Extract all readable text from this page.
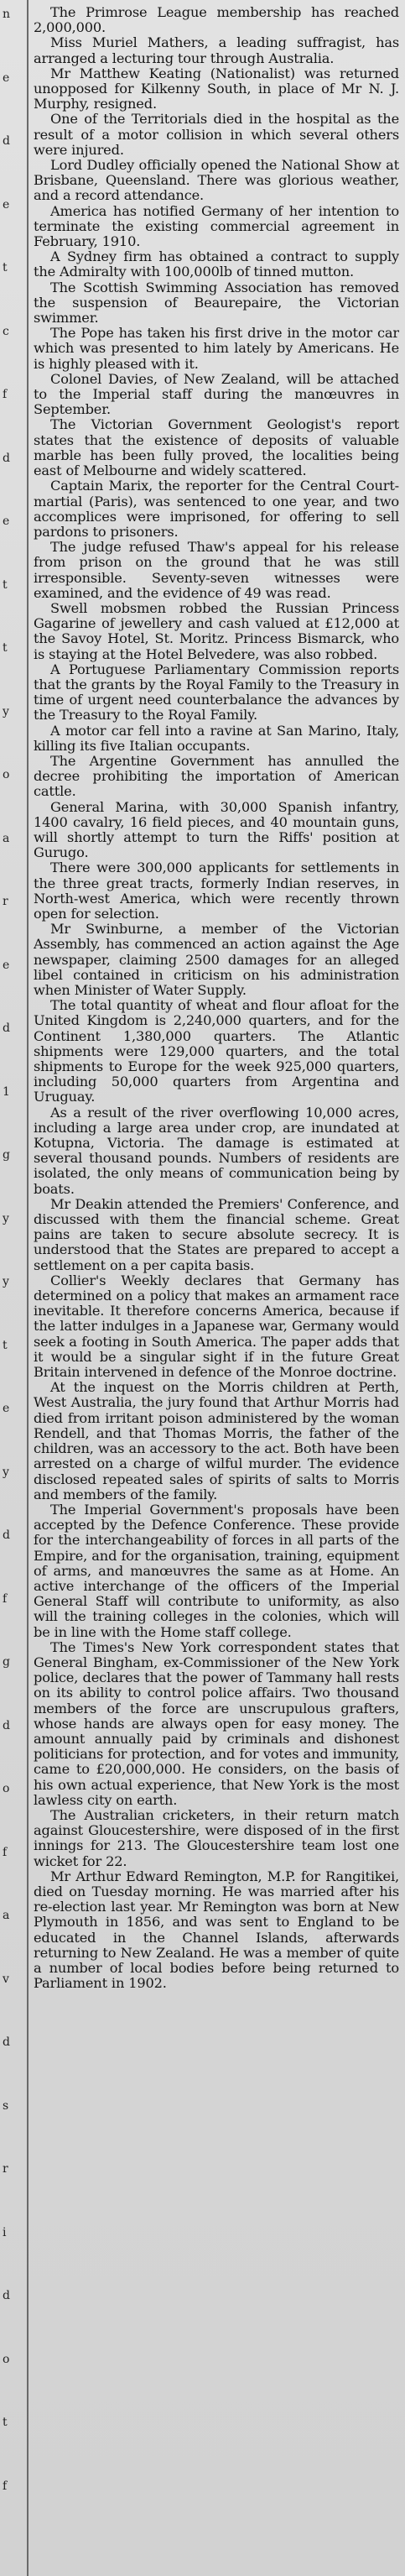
n
e
d
e
t
c
f
d
e
t
t
y
o
a
r
e
d
1
g
y
y
t
e
y
d
f
g
d
o
f
a
v
d
s
r
i
d
o
t
f

The Primrose League membership has reached 2,000,000.

Miss Muriel Mathers, a leading suffragist, has arranged a lecturing tour through Australia.

Mr Matthew Keating (Nationalist) was returned unopposed for Kilkenny South, in place of Mr N. J. Murphy, resigned.

One of the Territorials died in the hospital as the result of a motor collision in which several others were injured.

Lord Dudley officially opened the National Show at Brisbane, Queensland. There was glorious weather, and a record attendance.

America has notified Germany of her intention to terminate the existing commercial agreement in February, 1910.

A Sydney firm has obtained a contract to supply the Admiralty with 100,000lb of tinned mutton.

The Scottish Swimming Association has removed the suspension of Beaurepaire, the Victorian swimmer.

The Pope has taken his first drive in the motor car which was presented to him lately by Americans. He is highly pleased with it.

Colonel Davies, of New Zealand, will be attached to the Imperial staff during the manœuvres in September.

The Victorian Government Geologist's report states that the existence of deposits of valuable marble has been fully proved, the localities being east of Melbourne and widely scattered.

Captain Marix, the reporter for the Central Court-martial (Paris), was sentenced to one year, and two accomplices were imprisoned, for offering to sell pardons to prisoners.

The judge refused Thaw's appeal for his release from prison on the ground that he was still irresponsible. Seventy-seven witnesses were examined, and the evidence of 49 was read.

Swell mobsmen robbed the Russian Princess Gagarine of jewellery and cash valued at £12,000 at the Savoy Hotel, St. Moritz. Princess Bismarck, who is staying at the Hotel Belvedere, was also robbed.

A Portuguese Parliamentary Commission reports that the grants by the Royal Family to the Treasury in time of urgent need counterbalance the advances by the Treasury to the Royal Family.

A motor car fell into a ravine at San Marino, Italy, killing its five Italian occupants.

The Argentine Government has annulled the decree prohibiting the importation of American cattle.

General Marina, with 30,000 Spanish infantry, 1400 cavalry, 16 field pieces, and 40 mountain guns, will shortly attempt to turn the Riffs' position at Gurugo.

There were 300,000 applicants for settlements in the three great tracts, formerly Indian reserves, in North-west America, which were recently thrown open for selection.

Mr Swinburne, a member of the Victorian Assembly, has commenced an action against the Age newspaper, claiming 2500 damages for an alleged libel contained in criticism on his administration when Minister of Water Supply.

The total quantity of wheat and flour afloat for the United Kingdom is 2,240,000 quarters, and for the Continent 1,380,000 quarters. The Atlantic shipments were 129,000 quarters, and the total shipments to Europe for the week 925,000 quarters, including 50,000 quarters from Argentina and Uruguay.

As a result of the river overflowing 10,000 acres, including a large area under crop, are inundated at Kotupna, Victoria. The damage is estimated at several thousand pounds. Numbers of residents are isolated, the only means of communication being by boats.

Mr Deakin attended the Premiers' Conference, and discussed with them the financial scheme. Great pains are taken to secure absolute secrecy. It is understood that the States are prepared to accept a settlement on a per capita basis.

Collier's Weekly declares that Germany has determined on a policy that makes an armament race inevitable. It therefore concerns America, because if the latter indulges in a Japanese war, Germany would seek a footing in South America. The paper adds that it would be a singular sight if in the future Great Britain intervened in defence of the Monroe doctrine.

At the inquest on the Morris children at Perth, West Australia, the jury found that Arthur Morris had died from irritant poison administered by the woman Rendell, and that Thomas Morris, the father of the children, was an accessory to the act. Both have been arrested on a charge of wilful murder. The evidence disclosed repeated sales of spirits of salts to Morris and members of the family.

The Imperial Government's proposals have been accepted by the Defence Conference. These provide for the interchangeability of forces in all parts of the Empire, and for the organisation, training, equipment of arms, and manœuvres the same as at Home. An active interchange of the officers of the Imperial General Staff will contribute to uniformity, as also will the training colleges in the colonies, which will be in line with the Home staff college.

The Times's New York correspondent states that General Bingham, ex-Commissioner of the New York police, declares that the power of Tammany hall rests on its ability to control police affairs. Two thousand members of the force are unscrupulous grafters, whose hands are always open for easy money. The amount annually paid by criminals and dishonest politicians for protection, and for votes and immunity, came to £20,000,000. He considers, on the basis of his own actual experience, that New York is the most lawless city on earth.

The Australian cricketers, in their return match against Gloucestershire, were disposed of in the first innings for 213. The Gloucestershire team lost one wicket for 22.

Mr Arthur Edward Remington, M.P. for Rangitikei, died on Tuesday morning. He was married after his re-election last year. Mr Remington was born at New Plymouth in 1856, and was sent to England to be educated in the Channel Islands, afterwards returning to New Zealand. He was a member of quite a number of local bodies before being returned to Parliament in 1902.
